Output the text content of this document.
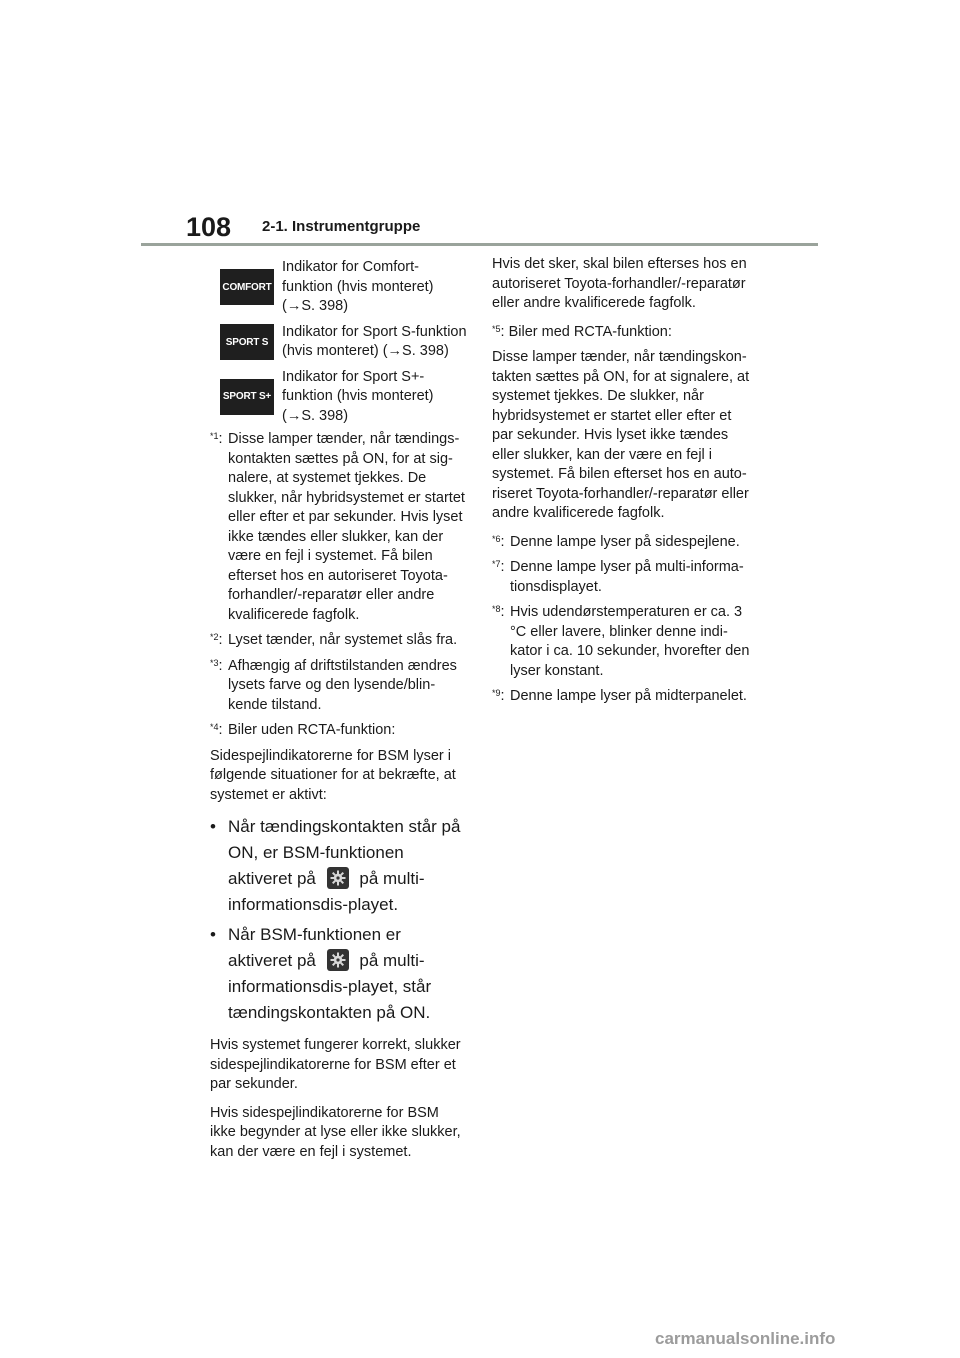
108 2-1. Instrumentgruppe
COMFORT
Indikator for Comfort-funktion (hvis monteret) (→S. 398)
SPORT S
Indikator for Sport S-funktion (hvis monteret) (→S. 398)
SPORT S+
Indikator for Sport S+-funktion (hvis monteret) (→S. 398)
$^{*1}$: Disse lamper tænder, når tændings-kontakten sættes på ON, for at sig-nalere, at systemet tjekkes. De slukker, når hybridsystemet er startet eller efter et par sekunder. Hvis lyset ikke tændes eller slukker, kan der være en fejl i systemet. Få bilen efterset hos en autoriseret Toyota-forhandler/-reparatør eller andre kvalificerede fagfolk.
$^{*2}$: Lyset tænder, når systemet slås fra.
$^{*3}$: Afhængig af driftstilstanden ændres lysets farve og den lysende/blin-kende tilstand.
$^{*4}$: Biler uden RCTA-funktion:

Sidespejlindikatorerne for BSM lyser i følgende situationer for at bekræfte, at systemet er aktivt:

• Når tændingskontakten står på ON, er BSM-funktionen aktiveret på	på multi-informationsdis-playet.
• Når BSM-funktionen er aktiveret på	på multi-informationsdis-playet, står tændingskontakten på ON.

Hvis systemet fungerer korrekt, slukker sidespejlindikatorerne for BSM efter et par sekunder.

Hvis sidespejlindikatorerne for BSM ikke begynder at lyse eller ikke slukker, kan der være en fejl i systemet.

Hvis det sker, skal bilen efterses hos en autoriseret Toyota-forhandler/-reparatør eller andre kvalificerede fagfolk.

$^{*5}$: Biler med RCTA-funktion:

Disse lamper tænder, når tændingskon-takten sættes på ON, for at signalere, at systemet tjekkes. De slukker, når hybridsystemet er startet eller efter et par sekunder. Hvis lyset ikke tændes eller slukker, kan der være en fejl i systemet. Få bilen efterset hos en auto-riseret Toyota-forhandler/-reparatør eller andre kvalificerede fagfolk.

$^{*6}$: Denne lampe lyser på sidespejlene.
$^{*7}$: Denne lampe lyser på multi-informa-tionsdisplayet.
$^{*8}$: Hvis udendørstemperaturen er ca. 3 °C eller lavere, blinker denne indi-kator i ca. 10 sekunder, hvorefter den lyser konstant.
$^{*9}$: Denne lampe lyser på midterpanelet.
carmanualsonline.info
